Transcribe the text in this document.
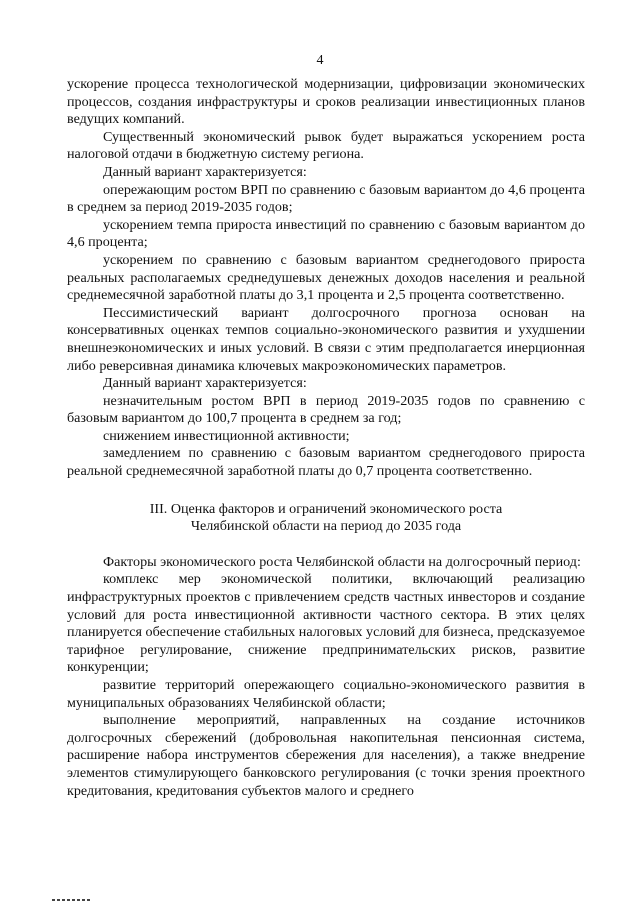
4

ускорение процесса технологической модернизации, цифровизации экономических процессов, создания инфраструктуры и сроков реализации инвестиционных планов ведущих компаний.

Существенный экономический рывок будет выражаться ускорением роста налоговой отдачи в бюджетную систему региона.

Данный вариант характеризуется:

опережающим ростом ВРП по сравнению с базовым вариантом до 4,6 процента в среднем за период 2019-2035 годов;

ускорением темпа прироста инвестиций по сравнению с базовым вариантом до 4,6 процента;

ускорением по сравнению с базовым вариантом среднегодового прироста реальных располагаемых среднедушевых денежных доходов населения и реальной среднемесячной заработной платы до 3,1 процента и 2,5 процента соответственно.

Пессимистический вариант долгосрочного прогноза основан на консервативных оценках темпов социально-экономического развития и ухудшении внешнеэкономических и иных условий. В связи с этим предполагается инерционная либо реверсивная динамика ключевых макроэкономических параметров.

Данный вариант характеризуется:

незначительным ростом ВРП в период 2019-2035 годов по сравнению с базовым вариантом до 100,7 процента в среднем за год;

снижением инвестиционной активности;

замедлением по сравнению с базовым вариантом среднегодового прироста реальной среднемесячной заработной платы до 0,7 процента соответственно.

III. Оценка факторов и ограничений экономического роста
Челябинской области на период до 2035 года

Факторы экономического роста Челябинской области на долгосрочный период:

комплекс мер экономической политики, включающий реализацию инфраструктурных проектов с привлечением средств частных инвесторов и создание условий для роста инвестиционной активности частного сектора. В этих целях планируется обеспечение стабильных налоговых условий для бизнеса, предсказуемое тарифное регулирование, снижение предпринимательских рисков, развитие конкуренции;

развитие территорий опережающего социально-экономического развития в муниципальных образованиях Челябинской области;

выполнение мероприятий, направленных на создание источников долгосрочных сбережений (добровольная накопительная пенсионная система, расширение набора инструментов сбережения для населения), а также внедрение элементов стимулирующего банковского регулирования (с точки зрения проектного кредитования, кредитования субъектов малого и среднего
